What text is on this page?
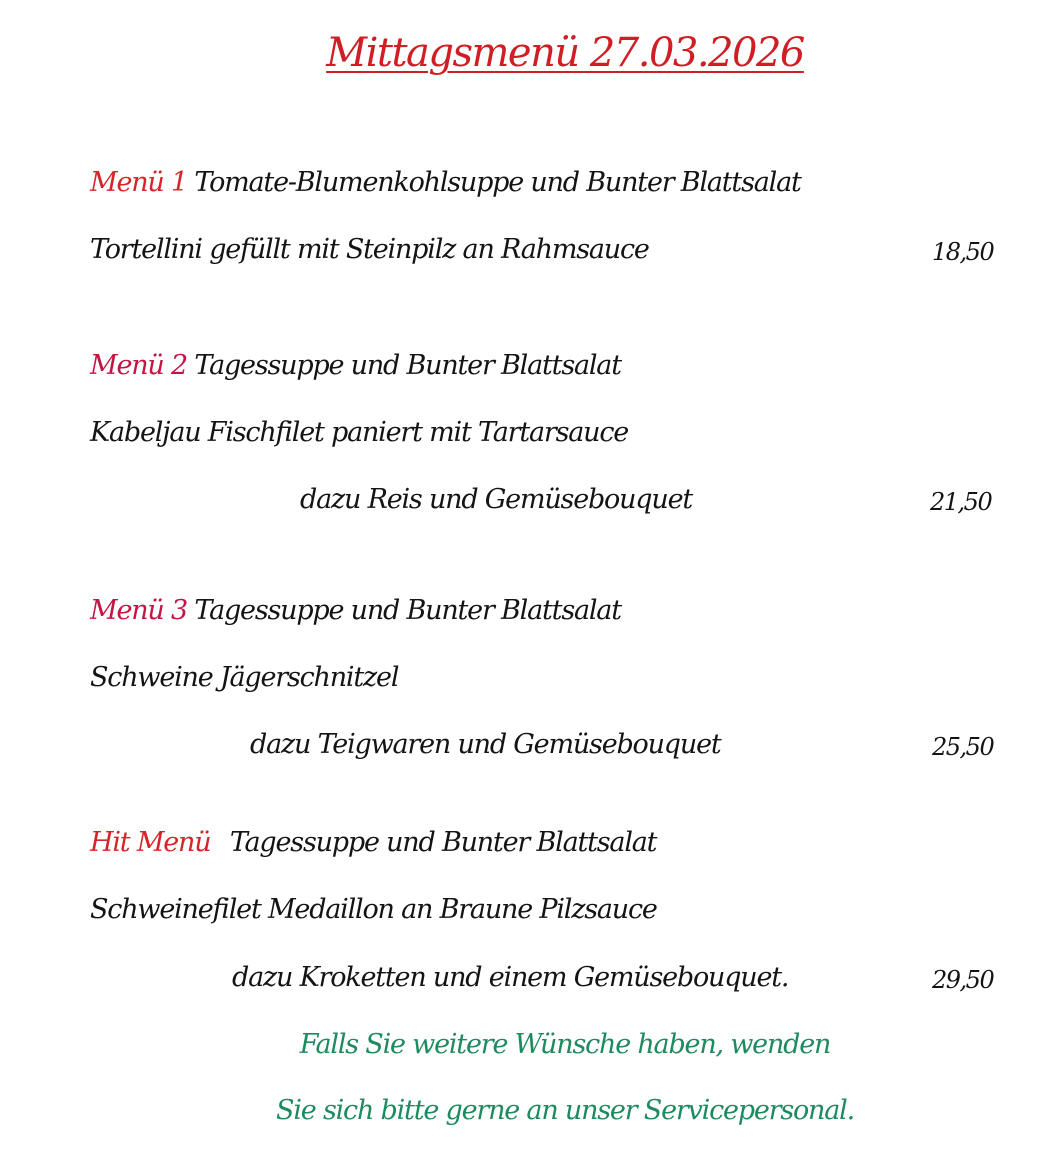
Mittagsmenü 27.03.2026
Menü 1 Tomate-Blumenkohlsuppe und Bunter Blattsalat
Tortellini gefüllt mit Steinpilz an Rahmsauce	18,50
Menü 2 Tagessuppe und Bunter Blattsalat
Kabeljau Fischfilet paniert mit Tartarsauce
dazu Reis und Gemüsebouquet	21,50
Menü 3 Tagessuppe und Bunter Blattsalat
Schweine Jägerschnitzel
dazu Teigwaren und Gemüsebouquet	25,50
Hit Menü Tagessuppe und Bunter Blattsalat
Schweinefilet Medaillon an Braune Pilzsauce
dazu Kroketten und einem Gemüsebouquet.	29,50
Falls Sie weitere Wünsche haben, wenden
Sie sich bitte gerne an unser Servicepersonal.
